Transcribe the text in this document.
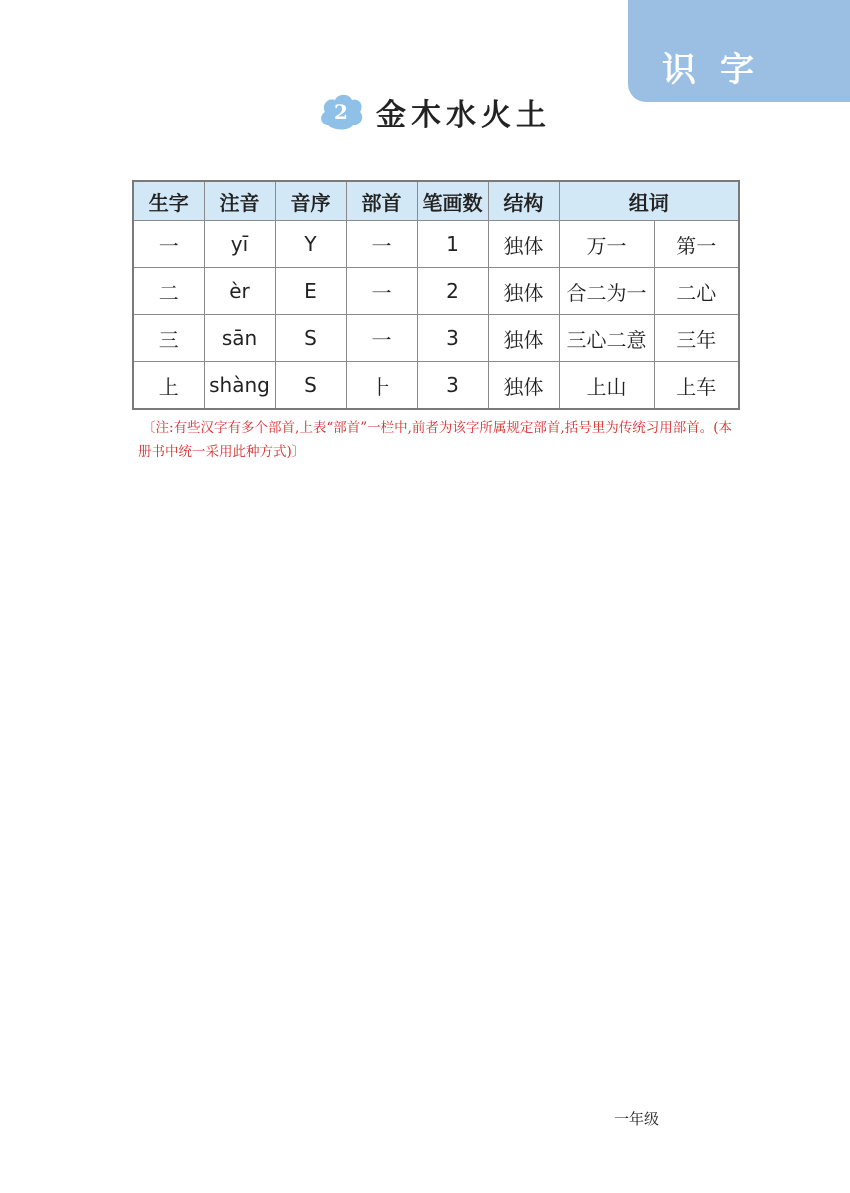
识字
2 金木水火土
生字	注音	音序	部首	笔画数	结构	组词	
一	yī	Y	一	1	独体	万一	第一
二	èr	E	一	2	独体	合二为一	二心
三	sān	S	一	3	独体	三心二意	三年
上	shàng	S	⺊	3	独体	上山	上车
〔注:有些汉字有多个部首,上表“部首”一栏中,前者为该字所属规定部首,括号里为传统习用部首。(本册书中统一采用此种方式)〕
一年级
